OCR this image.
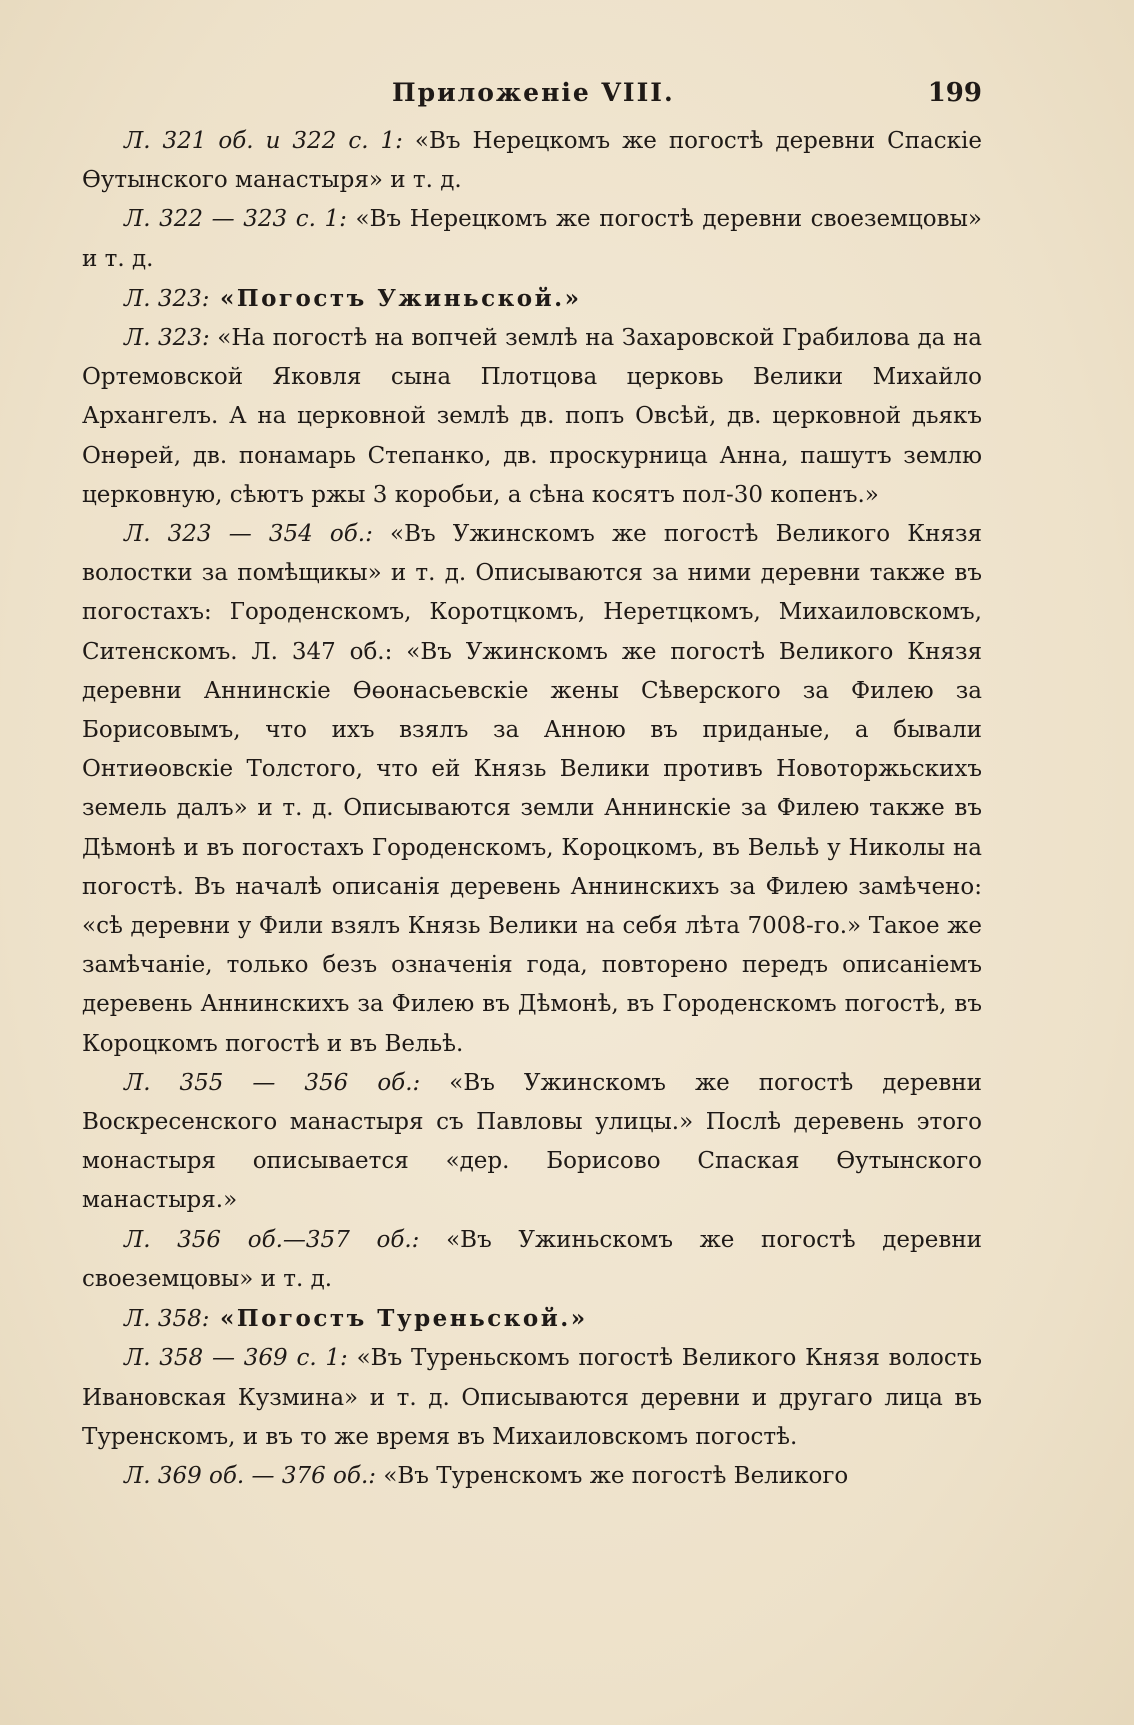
Приложеніе VIII.	199

Л. 321 об. и 322 с. 1: «Въ Нерецкомъ же погостѣ деревни Спаскіе Өутынского манастыря» и т. д.

Л. 322 — 323 с. 1: «Въ Нерецкомъ же погостѣ деревни своеземцовы» и т. д.

Л. 323: «Погостъ Ужиньской.»

Л. 323: «На погостѣ на вопчей землѣ на Захаровской Грабилова да на Ортемовской Яковля сына Плотцова церковь Велики Михайло Архангелъ. А на церковной землѣ дв. попъ Овсѣй, дв. церковной дьякъ Онөрей, дв. понамарь Степанко, дв. проскурница Анна, пашутъ землю церковную, сѣютъ ржы 3 коробьи, а сѣна косятъ пол-30 копенъ.»

Л. 323 — 354 об.: «Въ Ужинскомъ же погостѣ Великого Князя волостки за помѣщикы» и т. д. Описываются за ними деревни также въ погостахъ: Городенскомъ, Коротцкомъ, Неретцкомъ, Михаиловскомъ, Ситенскомъ. Л. 347 об.: «Въ Ужинскомъ же погостѣ Великого Князя деревни Аннинскіе Өөонасьевскіе жены Сѣверского за Филею за Борисовымъ, что ихъ взялъ за Анною въ приданые, а бывали Онтиөовскіе Толстого, что ей Князь Велики противъ Новоторжьскихъ земель далъ» и т. д. Описываются земли Аннинскіе за Филею также въ Дѣмонѣ и въ погостахъ Городенскомъ, Короцкомъ, въ Вельѣ у Николы на погостѣ. Въ началѣ описанія деревень Аннинскихъ за Филею замѣчено: «сѣ деревни у Фили взялъ Князь Велики на себя лѣта 7008-го.» Такое же замѣчаніе, только безъ означенія года, повторено передъ описаніемъ деревень Аннинскихъ за Филею въ Дѣмонѣ, въ Городенскомъ погостѣ, въ Короцкомъ погостѣ и въ Вельѣ.

Л. 355 — 356 об.: «Въ Ужинскомъ же погостѣ деревни Воскресенского манастыря съ Павловы улицы.» Послѣ деревень этого монастыря описывается «дер. Борисово Спаская Өутынского манастыря.»

Л. 356 об.—357 об.: «Въ Ужиньскомъ же погостѣ деревни своеземцовы» и т. д.

Л. 358: «Погостъ Туреньской.»

Л. 358 — 369 с. 1: «Въ Туреньскомъ погостѣ Великого Князя волость Ивановская Кузмина» и т. д. Описываются деревни и другаго лица въ Туренскомъ, и въ то же время въ Михаиловскомъ погостѣ.

Л. 369 об. — 376 об.: «Въ Туренскомъ же погостѣ Великого
